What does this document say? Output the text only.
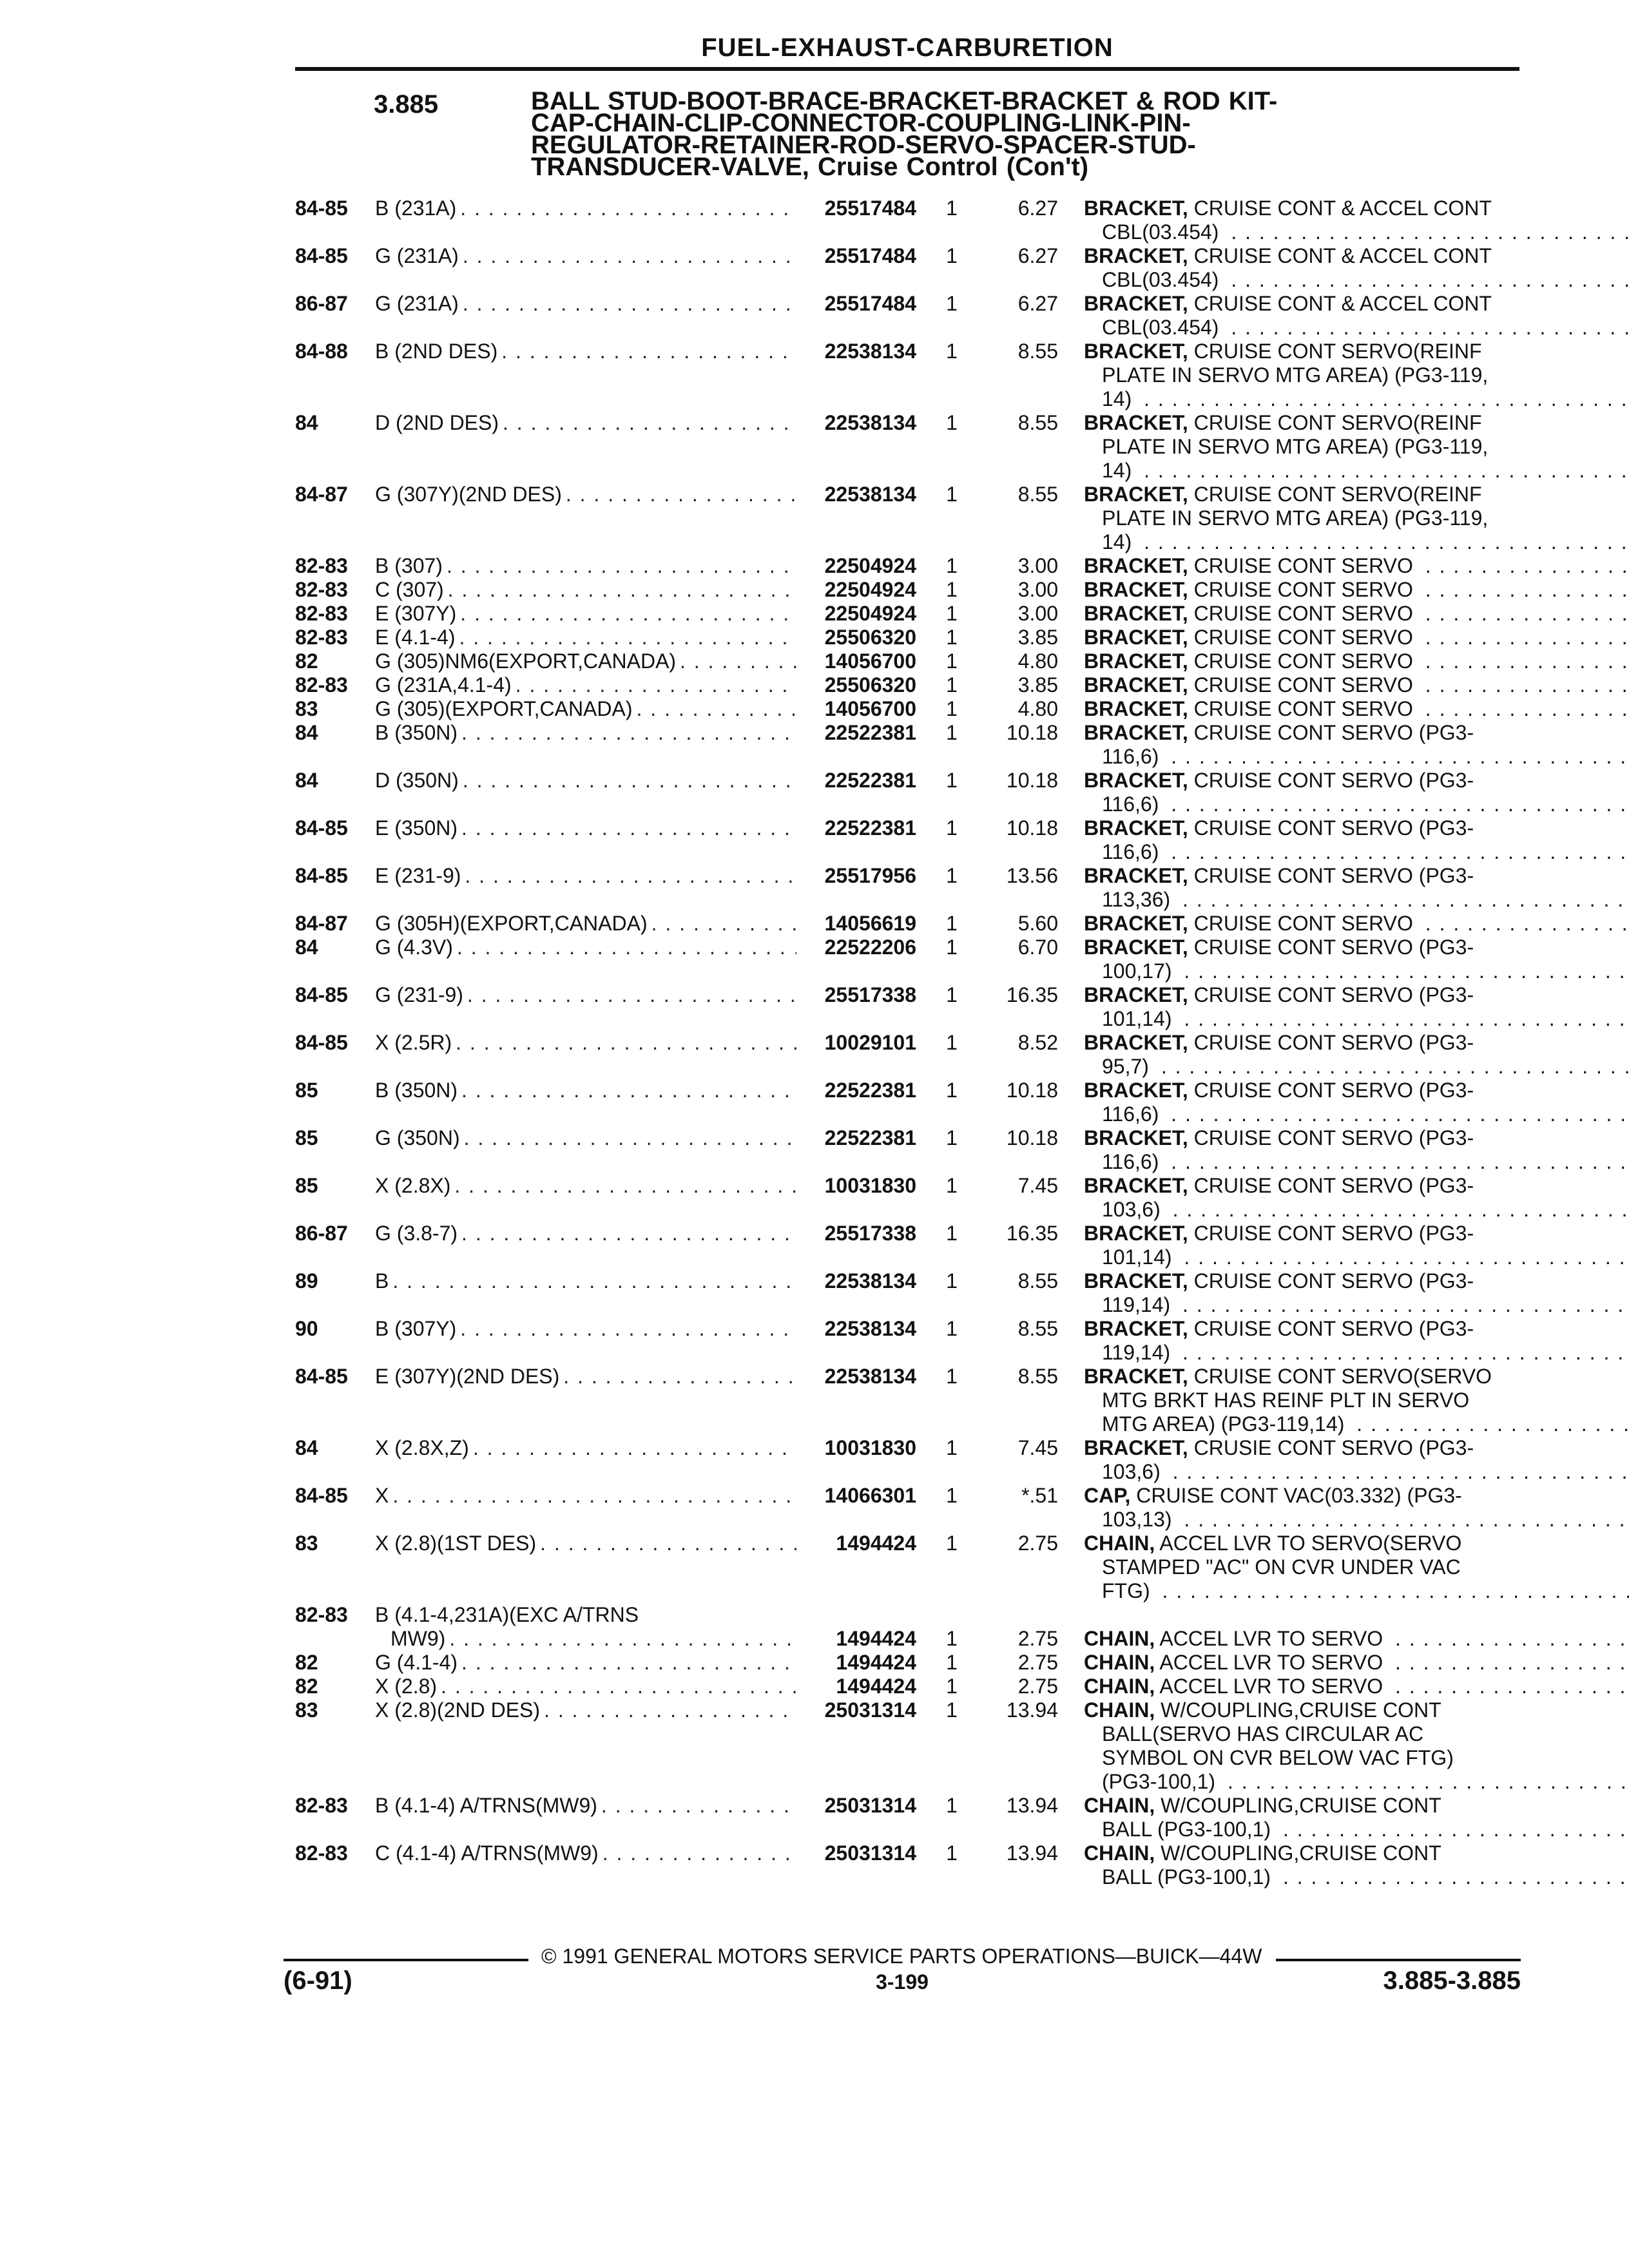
FUEL-EXHAUST-CARBURETION
3.885	BALL STUD-BOOT-BRACE-BRACKET-BRACKET & ROD KIT-
CAP-CHAIN-CLIP-CONNECTOR-COUPLING-LINK-PIN-
REGULATOR-RETAINER-ROD-SERVO-SPACER-STUD-
TRANSDUCER-VALVE, Cruise Control (Con't)
84-85	B (231A) . . .	25517484	1	6.27	BRACKET, CRUISE CONT & ACCEL CONT
CBL(03.454) . . .
84-85	G (231A) . . .	25517484	1	6.27	BRACKET, CRUISE CONT & ACCEL CONT
CBL(03.454) . . .
86-87	G (231A) . . .	25517484	1	6.27	BRACKET, CRUISE CONT & ACCEL CONT
CBL(03.454) . . .
84-88	B (2ND DES) . . .	22538134	1	8.55	BRACKET, CRUISE CONT SERVO(REINF
PLATE IN SERVO MTG AREA) (PG3-119,
14) . . .
84	D (2ND DES) . . .	22538134	1	8.55	BRACKET, CRUISE CONT SERVO(REINF
PLATE IN SERVO MTG AREA) (PG3-119,
14) . . .
84-87	G (307Y)(2ND DES) . . .	22538134	1	8.55	BRACKET, CRUISE CONT SERVO(REINF
PLATE IN SERVO MTG AREA) (PG3-119,
14) . . .
82-83	B (307) . . .	22504924	1	3.00	BRACKET, CRUISE CONT SERVO . . .
82-83	C (307) . . .	22504924	1	3.00	BRACKET, CRUISE CONT SERVO . . .
82-83	E (307Y) . . .	22504924	1	3.00	BRACKET, CRUISE CONT SERVO . . .
82-83	E (4.1-4) . . .	25506320	1	3.85	BRACKET, CRUISE CONT SERVO . . .
82	G (305)NM6(EXPORT,CANADA) . . .	14056700	1	4.80	BRACKET, CRUISE CONT SERVO . . .
82-83	G (231A,4.1-4) . . .	25506320	1	3.85	BRACKET, CRUISE CONT SERVO . . .
83	G (305)(EXPORT,CANADA) . . .	14056700	1	4.80	BRACKET, CRUISE CONT SERVO . . .
84	B (350N) . . .	22522381	1	10.18	BRACKET, CRUISE CONT SERVO (PG3-
116,6) . . .
84	D (350N) . . .	22522381	1	10.18	BRACKET, CRUISE CONT SERVO (PG3-
116,6) . . .
84-85	E (350N) . . .	22522381	1	10.18	BRACKET, CRUISE CONT SERVO (PG3-
116,6) . . .
84-85	E (231-9) . . .	25517956	1	13.56	BRACKET, CRUISE CONT SERVO (PG3-
113,36) . . .
84-87	G (305H)(EXPORT,CANADA) . . .	14056619	1	5.60	BRACKET, CRUISE CONT SERVO . . .
84	G (4.3V) . . .	22522206	1	6.70	BRACKET, CRUISE CONT SERVO (PG3-
100,17) . . .
84-85	G (231-9) . . .	25517338	1	16.35	BRACKET, CRUISE CONT SERVO (PG3-
101,14) . . .
84-85	X (2.5R) . . .	10029101	1	8.52	BRACKET, CRUISE CONT SERVO (PG3-
95,7) . . .
85	B (350N) . . .	22522381	1	10.18	BRACKET, CRUISE CONT SERVO (PG3-
116,6) . . .
85	G (350N) . . .	22522381	1	10.18	BRACKET, CRUISE CONT SERVO (PG3-
116,6) . . .
85	X (2.8X) . . .	10031830	1	7.45	BRACKET, CRUISE CONT SERVO (PG3-
103,6) . . .
86-87	G (3.8-7) . . .	25517338	1	16.35	BRACKET, CRUISE CONT SERVO (PG3-
101,14) . . .
89	B . . .	22538134	1	8.55	BRACKET, CRUISE CONT SERVO (PG3-
119,14) . . .
90	B (307Y) . . .	22538134	1	8.55	BRACKET, CRUISE CONT SERVO (PG3-
119,14) . . .
84-85	E (307Y)(2ND DES) . . .	22538134	1	8.55	BRACKET, CRUISE CONT SERVO(SERVO
MTG BRKT HAS REINF PLT IN SERVO
MTG AREA) (PG3-119,14) . . .
84	X (2.8X,Z) . . .	10031830	1	7.45	BRACKET, CRUSIE CONT SERVO (PG3-
103,6) . . .
84-85	X . . .	14066301	1	*.51	CAP, CRUISE CONT VAC(03.332) (PG3-
103,13) . . .
83	X (2.8)(1ST DES) . . .	1494424	1	2.75	CHAIN, ACCEL LVR TO SERVO(SERVO
STAMPED "AC" ON CVR UNDER VAC
FTG) . . .
82-83	B (4.1-4,231A)(EXC A/TRNS
MW9) . . .	1494424	1	2.75	CHAIN, ACCEL LVR TO SERVO . . .
82	G (4.1-4) . . .	1494424	1	2.75	CHAIN, ACCEL LVR TO SERVO . . .
82	X (2.8) . . .	1494424	1	2.75	CHAIN, ACCEL LVR TO SERVO . . .
83	X (2.8)(2ND DES) . . .	25031314	1	13.94	CHAIN, W/COUPLING,CRUISE CONT
BALL(SERVO HAS CIRCULAR AC
SYMBOL ON CVR BELOW VAC FTG)
(PG3-100,1) . . .
82-83	B (4.1-4) A/TRNS(MW9) . . .	25031314	1	13.94	CHAIN, W/COUPLING,CRUISE CONT
BALL (PG3-100,1) . . .
82-83	C (4.1-4) A/TRNS(MW9) . . .	25031314	1	13.94	CHAIN, W/COUPLING,CRUISE CONT
BALL (PG3-100,1) . . .
© 1991 GENERAL MOTORS SERVICE PARTS OPERATIONS—BUICK—44W
(6-91)	3-199	3.885-3.885
